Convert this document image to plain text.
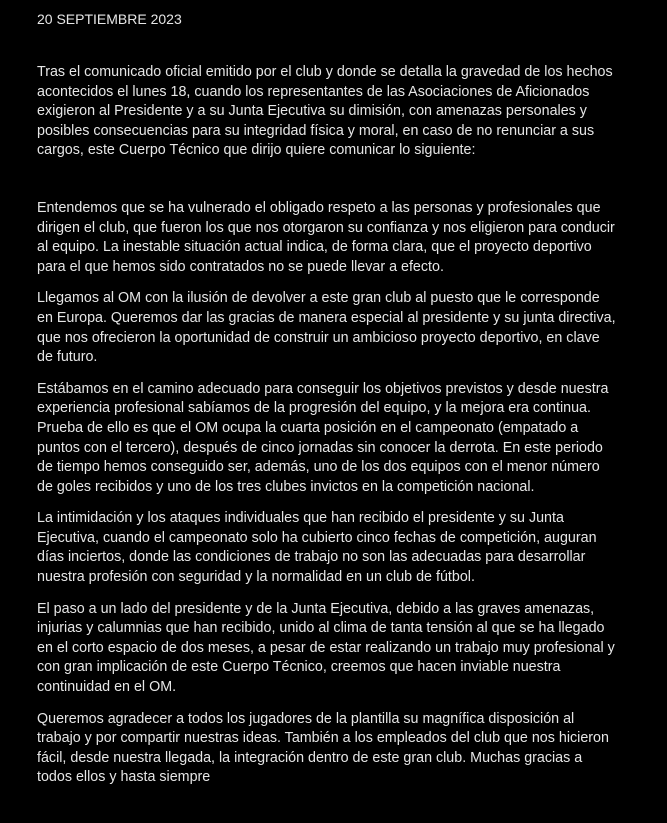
20 SEPTIEMBRE 2023

Tras el comunicado oficial emitido por el club y donde se detalla la gravedad de los hechos acontecidos el lunes 18, cuando los representantes de las Asociaciones de Aficionados exigieron al Presidente y a su Junta Ejecutiva su dimisión, con amenazas personales y posibles consecuencias para su integridad física y moral, en caso de no renunciar a sus cargos, este Cuerpo Técnico que dirijo quiere comunicar lo siguiente:

Entendemos que se ha vulnerado el obligado respeto a las personas y profesionales que dirigen el club, que fueron los que nos otorgaron su confianza y nos eligieron para conducir al equipo. La inestable situación actual indica, de forma clara, que el proyecto deportivo para el que hemos sido contratados no se puede llevar a efecto.

Llegamos al OM con la ilusión de devolver a este gran club al puesto que le corresponde en Europa. Queremos dar las gracias de manera especial al presidente y su junta directiva, que nos ofrecieron la oportunidad de construir un ambicioso proyecto deportivo, en clave de futuro.

Estábamos en el camino adecuado para conseguir los objetivos previstos y desde nuestra experiencia profesional sabíamos de la progresión del equipo, y la mejora era continua. Prueba de ello es que el OM ocupa la cuarta posición en el campeonato (empatado a puntos con el tercero), después de cinco jornadas sin conocer la derrota. En este periodo de tiempo hemos conseguido ser, además, uno de los dos equipos con el menor número de goles recibidos y uno de los tres clubes invictos en la competición nacional.

La intimidación y los ataques individuales que han recibido el presidente y su Junta Ejecutiva, cuando el campeonato solo ha cubierto cinco fechas de competición, auguran días inciertos, donde las condiciones de trabajo no son las adecuadas para desarrollar nuestra profesión con seguridad y la normalidad en un club de fútbol.

El paso a un lado del presidente y de la Junta Ejecutiva, debido a las graves amenazas, injurias y calumnias que han recibido, unido al clima de tanta tensión al que se ha llegado en el corto espacio de dos meses, a pesar de estar realizando un trabajo muy profesional y con gran implicación de este Cuerpo Técnico, creemos que hacen inviable nuestra continuidad en el OM.

Queremos agradecer a todos los jugadores de la plantilla su magnífica disposición al trabajo y por compartir nuestras ideas. También a los empleados del club que nos hicieron fácil, desde nuestra llegada, la integración dentro de este gran club. Muchas gracias a todos ellos y hasta siempre
